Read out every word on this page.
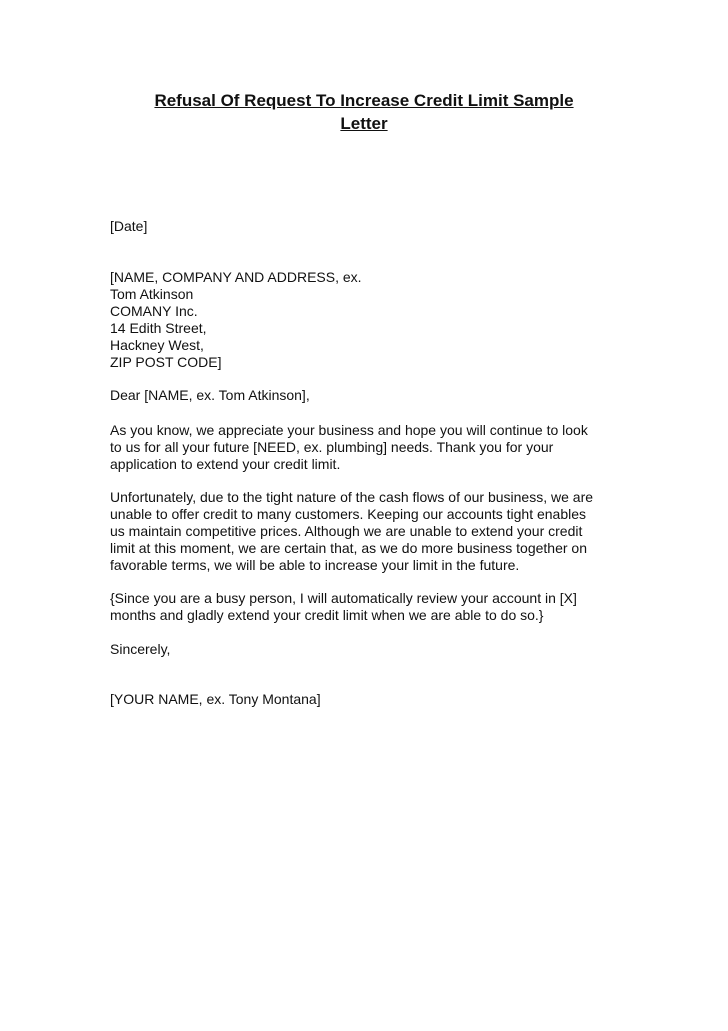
Refusal Of Request To Increase Credit Limit Sample
Letter

[Date]

[NAME, COMPANY AND ADDRESS, ex.
Tom Atkinson
COMANY Inc.
14 Edith Street,
Hackney West,
ZIP POST CODE]

Dear [NAME, ex. Tom Atkinson],

As you know, we appreciate your business and hope you will continue to look
to us for all your future [NEED, ex. plumbing] needs. Thank you for your
application to extend your credit limit.

Unfortunately, due to the tight nature of the cash flows of our business, we are
unable to offer credit to many customers. Keeping our accounts tight enables
us maintain competitive prices. Although we are unable to extend your credit
limit at this moment, we are certain that, as we do more business together on
favorable terms, we will be able to increase your limit in the future.

{Since you are a busy person, I will automatically review your account in [X]
months and gladly extend your credit limit when we are able to do so.}

Sincerely,

[YOUR NAME, ex. Tony Montana]
